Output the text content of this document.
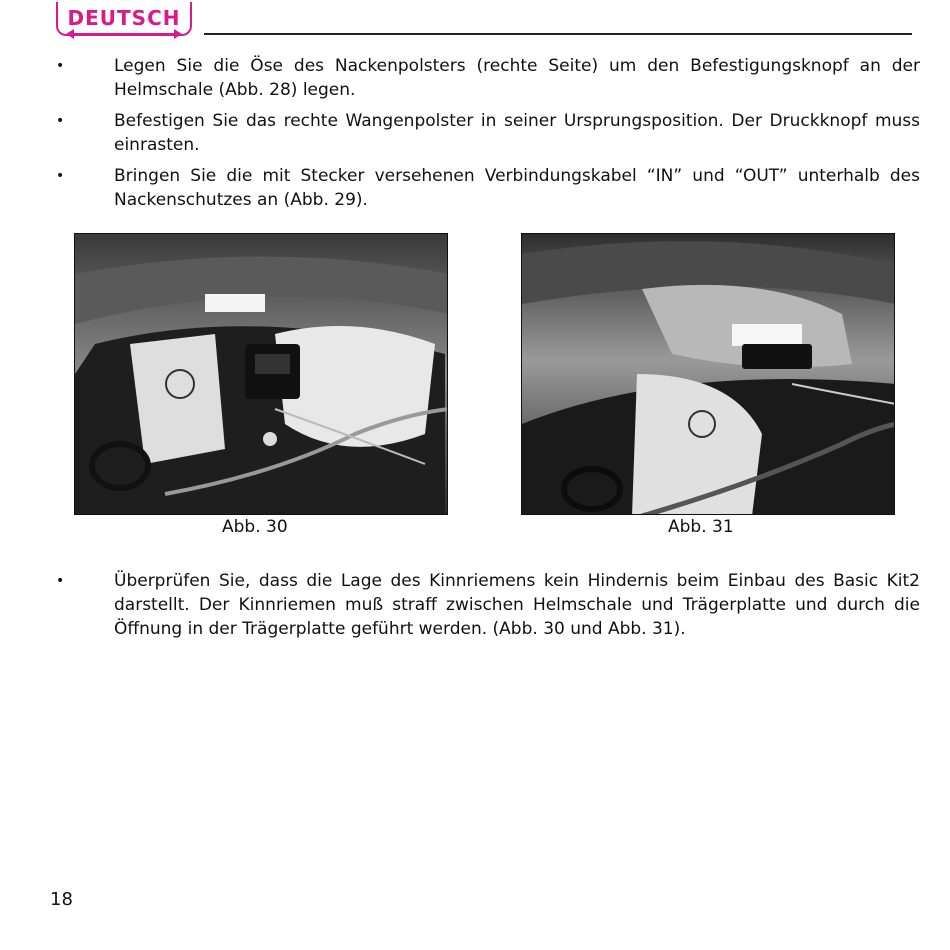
DEUTSCH
• Legen Sie die Öse des Nackenpolsters (rechte Seite) um den Befestigungsknopf an der Helmschale (Abb. 28) legen.
• Befestigen Sie das rechte Wangenpolster in seiner Ursprungsposition. Der Druckknopf muss einrasten.
• Bringen Sie die mit Stecker versehenen Verbindungskabel “IN” und “OUT” unterhalb des Nackenschutzes an (Abb. 29).
Abb. 30	Abb. 31
• Überprüfen Sie, dass die Lage des Kinnriemens kein Hindernis beim Einbau des Basic Kit2 darstellt. Der Kinnriemen muß straff zwischen Helmschale und Trägerplatte und durch die Öffnung in der Trägerplatte geführt werden. (Abb. 30 und Abb. 31).
18
